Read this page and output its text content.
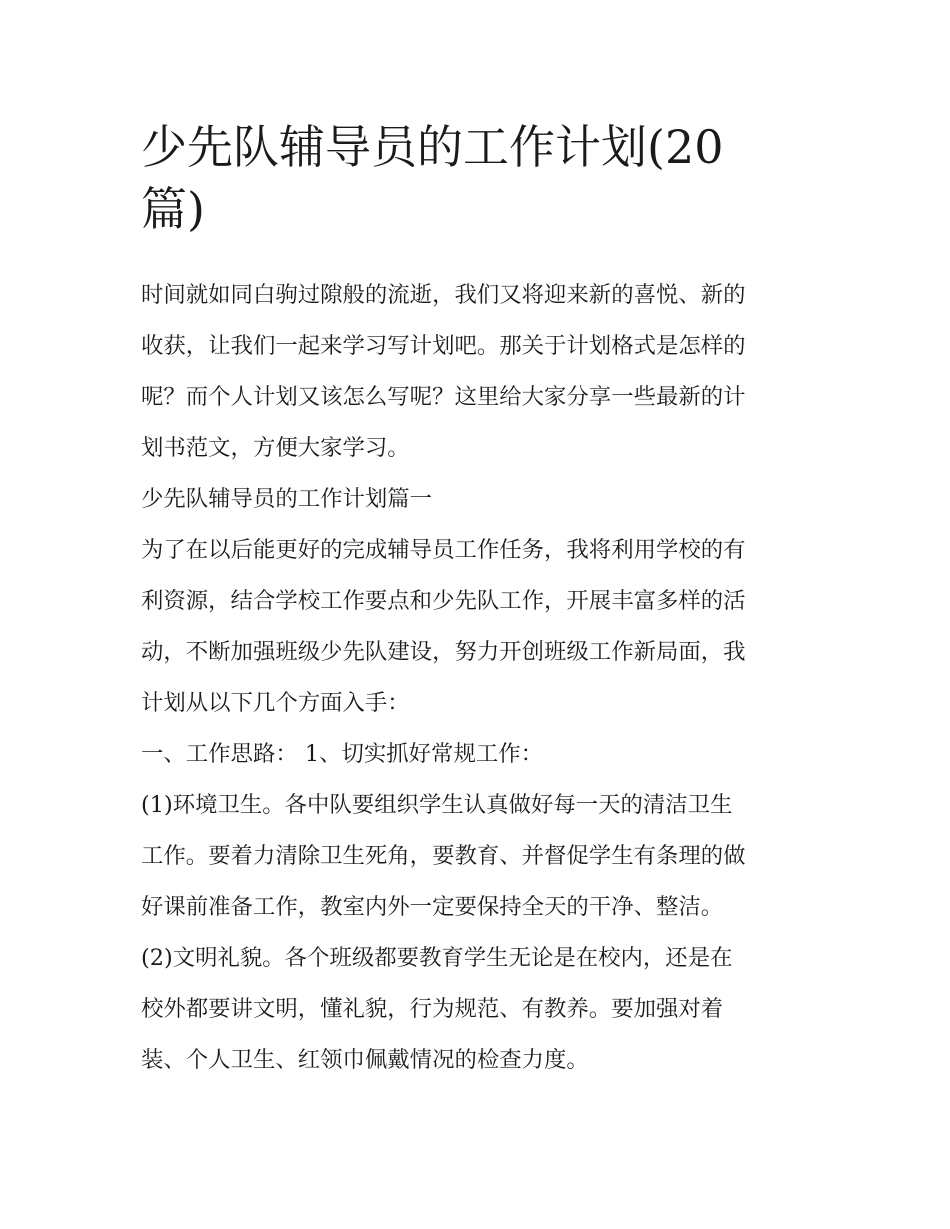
少先队辅导员的工作计划(20
篇)

时间就如同白驹过隙般的流逝，我们又将迎来新的喜悦、新的
收获，让我们一起来学习写计划吧。那关于计划格式是怎样的
呢？而个人计划又该怎么写呢？这里给大家分享一些最新的计
划书范文，方便大家学习。

少先队辅导员的工作计划篇一

为了在以后能更好的完成辅导员工作任务，我将利用学校的有
利资源，结合学校工作要点和少先队工作，开展丰富多样的活
动，不断加强班级少先队建设，努力开创班级工作新局面，我
计划从以下几个方面入手：

一、工作思路： 1、切实抓好常规工作：

(1)环境卫生。各中队要组织学生认真做好每一天的清洁卫生
工作。要着力清除卫生死角，要教育、并督促学生有条理的做
好课前准备工作，教室内外一定要保持全天的干净、整洁。

(2)文明礼貌。各个班级都要教育学生无论是在校内，还是在
校外都要讲文明，懂礼貌，行为规范、有教养。要加强对着
装、个人卫生、红领巾佩戴情况的检查力度。
